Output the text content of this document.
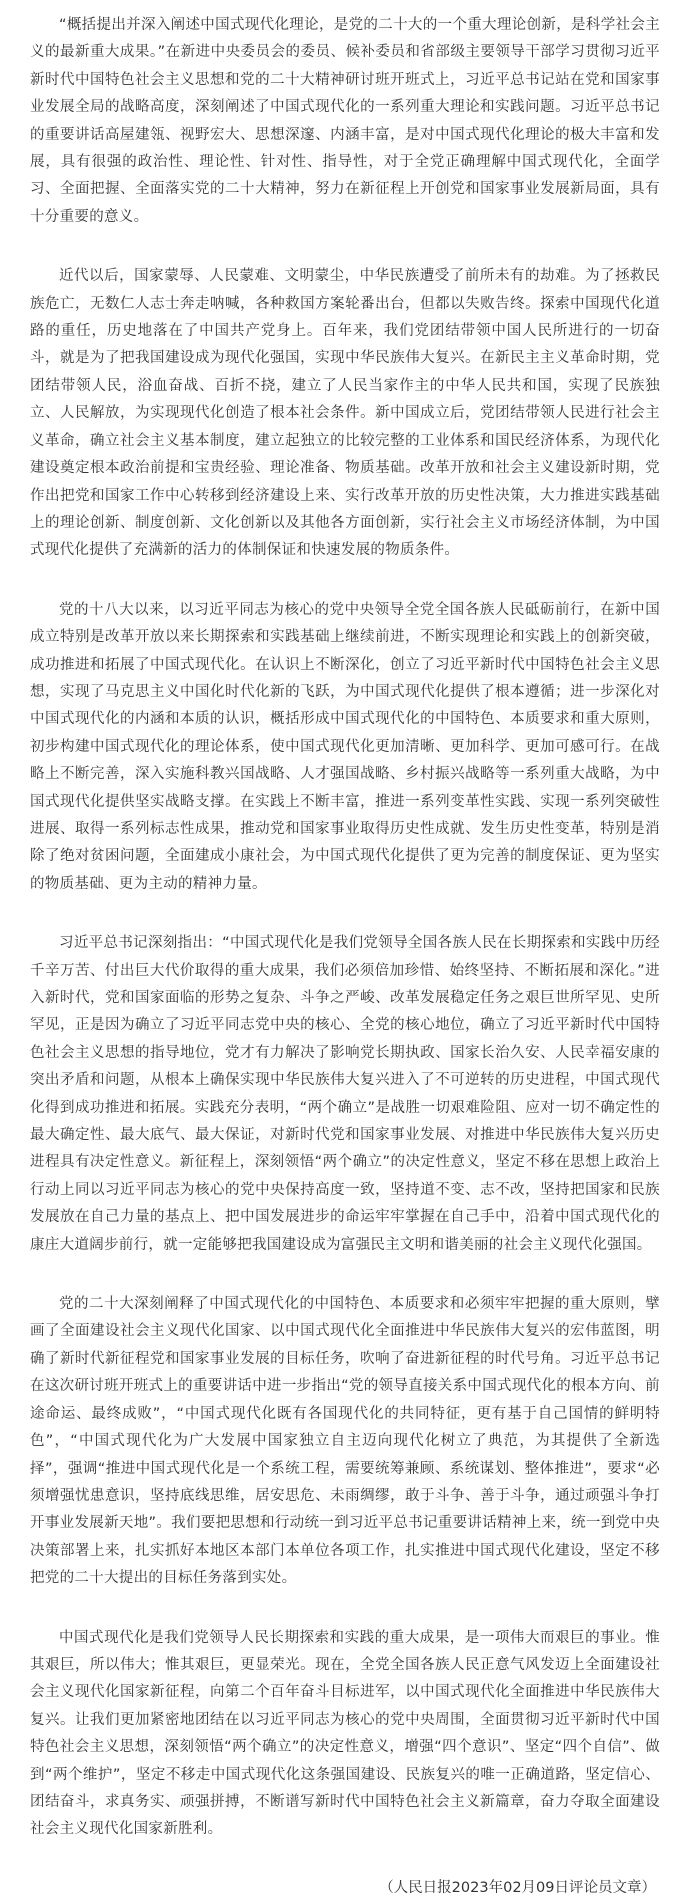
“概括提出并深入阐述中国式现代化理论，是党的二十大的一个重大理论创新，是科学社会主义的最新重大成果。”在新进中央委员会的委员、候补委员和省部级主要领导干部学习贯彻习近平新时代中国特色社会主义思想和党的二十大精神研讨班开班式上，习近平总书记站在党和国家事业发展全局的战略高度，深刻阐述了中国式现代化的一系列重大理论和实践问题。习近平总书记的重要讲话高屋建瓴、视野宏大、思想深邃、内涵丰富，是对中国式现代化理论的极大丰富和发展，具有很强的政治性、理论性、针对性、指导性，对于全党正确理解中国式现代化，全面学习、全面把握、全面落实党的二十大精神，努力在新征程上开创党和国家事业发展新局面，具有十分重要的意义。

近代以后，国家蒙辱、人民蒙难、文明蒙尘，中华民族遭受了前所未有的劫难。为了拯救民族危亡，无数仁人志士奔走呐喊，各种救国方案轮番出台，但都以失败告终。探索中国现代化道路的重任，历史地落在了中国共产党身上。百年来，我们党团结带领中国人民所进行的一切奋斗，就是为了把我国建设成为现代化强国，实现中华民族伟大复兴。在新民主主义革命时期，党团结带领人民，浴血奋战、百折不挠，建立了人民当家作主的中华人民共和国，实现了民族独立、人民解放，为实现现代化创造了根本社会条件。新中国成立后，党团结带领人民进行社会主义革命，确立社会主义基本制度，建立起独立的比较完整的工业体系和国民经济体系，为现代化建设奠定根本政治前提和宝贵经验、理论准备、物质基础。改革开放和社会主义建设新时期，党作出把党和国家工作中心转移到经济建设上来、实行改革开放的历史性决策，大力推进实践基础上的理论创新、制度创新、文化创新以及其他各方面创新，实行社会主义市场经济体制，为中国式现代化提供了充满新的活力的体制保证和快速发展的物质条件。

党的十八大以来，以习近平同志为核心的党中央领导全党全国各族人民砥砺前行，在新中国成立特别是改革开放以来长期探索和实践基础上继续前进，不断实现理论和实践上的创新突破，成功推进和拓展了中国式现代化。在认识上不断深化，创立了习近平新时代中国特色社会主义思想，实现了马克思主义中国化时代化新的飞跃，为中国式现代化提供了根本遵循；进一步深化对中国式现代化的内涵和本质的认识，概括形成中国式现代化的中国特色、本质要求和重大原则，初步构建中国式现代化的理论体系，使中国式现代化更加清晰、更加科学、更加可感可行。在战略上不断完善，深入实施科教兴国战略、人才强国战略、乡村振兴战略等一系列重大战略，为中国式现代化提供坚实战略支撑。在实践上不断丰富，推进一系列变革性实践、实现一系列突破性进展、取得一系列标志性成果，推动党和国家事业取得历史性成就、发生历史性变革，特别是消除了绝对贫困问题，全面建成小康社会，为中国式现代化提供了更为完善的制度保证、更为坚实的物质基础、更为主动的精神力量。

习近平总书记深刻指出：“中国式现代化是我们党领导全国各族人民在长期探索和实践中历经千辛万苦、付出巨大代价取得的重大成果，我们必须倍加珍惜、始终坚持、不断拓展和深化。”进入新时代，党和国家面临的形势之复杂、斗争之严峻、改革发展稳定任务之艰巨世所罕见、史所罕见，正是因为确立了习近平同志党中央的核心、全党的核心地位，确立了习近平新时代中国特色社会主义思想的指导地位，党才有力解决了影响党长期执政、国家长治久安、人民幸福安康的突出矛盾和问题，从根本上确保实现中华民族伟大复兴进入了不可逆转的历史进程，中国式现代化得到成功推进和拓展。实践充分表明，“两个确立”是战胜一切艰难险阻、应对一切不确定性的最大确定性、最大底气、最大保证，对新时代党和国家事业发展、对推进中华民族伟大复兴历史进程具有决定性意义。新征程上，深刻领悟“两个确立”的决定性意义，坚定不移在思想上政治上行动上同以习近平同志为核心的党中央保持高度一致，坚持道不变、志不改，坚持把国家和民族发展放在自己力量的基点上、把中国发展进步的命运牢牢掌握在自己手中，沿着中国式现代化的康庄大道阔步前行，就一定能够把我国建设成为富强民主文明和谐美丽的社会主义现代化强国。

党的二十大深刻阐释了中国式现代化的中国特色、本质要求和必须牢牢把握的重大原则，擘画了全面建设社会主义现代化国家、以中国式现代化全面推进中华民族伟大复兴的宏伟蓝图，明确了新时代新征程党和国家事业发展的目标任务，吹响了奋进新征程的时代号角。习近平总书记在这次研讨班开班式上的重要讲话中进一步指出“党的领导直接关系中国式现代化的根本方向、前途命运、最终成败”，“中国式现代化既有各国现代化的共同特征，更有基于自己国情的鲜明特色”，“中国式现代化为广大发展中国家独立自主迈向现代化树立了典范，为其提供了全新选择”，强调“推进中国式现代化是一个系统工程，需要统筹兼顾、系统谋划、整体推进”，要求“必须增强忧患意识，坚持底线思维，居安思危、未雨绸缪，敢于斗争、善于斗争，通过顽强斗争打开事业发展新天地”。我们要把思想和行动统一到习近平总书记重要讲话精神上来，统一到党中央决策部署上来，扎实抓好本地区本部门本单位各项工作，扎实推进中国式现代化建设，坚定不移把党的二十大提出的目标任务落到实处。

中国式现代化是我们党领导人民长期探索和实践的重大成果，是一项伟大而艰巨的事业。惟其艰巨，所以伟大；惟其艰巨，更显荣光。现在，全党全国各族人民正意气风发迈上全面建设社会主义现代化国家新征程，向第二个百年奋斗目标进军，以中国式现代化全面推进中华民族伟大复兴。让我们更加紧密地团结在以习近平同志为核心的党中央周围，全面贯彻习近平新时代中国特色社会主义思想，深刻领悟“两个确立”的决定性意义，增强“四个意识”、坚定“四个自信”、做到“两个维护”，坚定不移走中国式现代化这条强国建设、民族复兴的唯一正确道路，坚定信心、团结奋斗，求真务实、顽强拼搏，不断谱写新时代中国特色社会主义新篇章，奋力夺取全面建设社会主义现代化国家新胜利。

（人民日报2023年02月09日评论员文章）
